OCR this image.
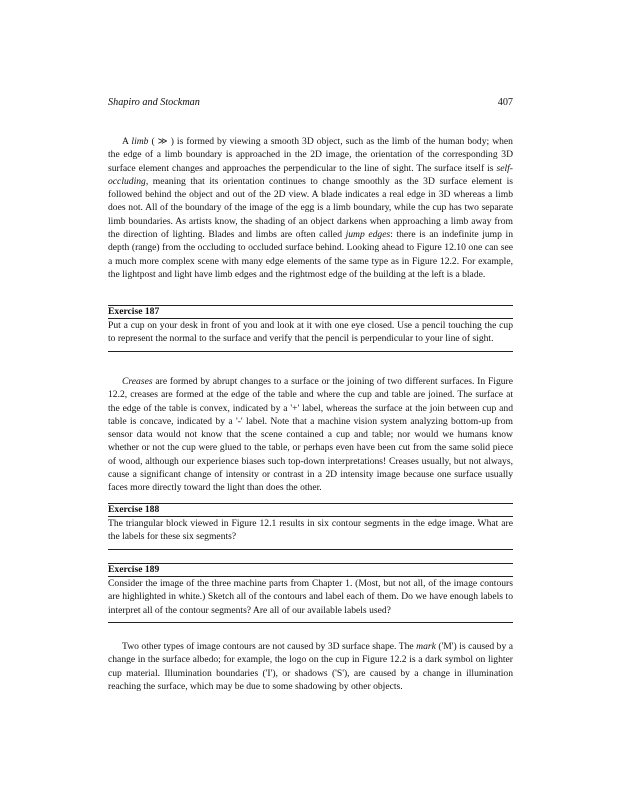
Shapiro and Stockman	407

A limb ( ≫ ) is formed by viewing a smooth 3D object, such as the limb of the human body; when the edge of a limb boundary is approached in the 2D image, the orientation of the corresponding 3D surface element changes and approaches the perpendicular to the line of sight. The surface itself is self-occluding, meaning that its orientation continues to change smoothly as the 3D surface element is followed behind the object and out of the 2D view. A blade indicates a real edge in 3D whereas a limb does not. All of the boundary of the image of the egg is a limb boundary, while the cup has two separate limb boundaries. As artists know, the shading of an object darkens when approaching a limb away from the direction of lighting. Blades and limbs are often called jump edges: there is an indefinite jump in depth (range) from the occluding to occluded surface behind. Looking ahead to Figure 12.10 one can see a much more complex scene with many edge elements of the same type as in Figure 12.2. For example, the lightpost and light have limb edges and the rightmost edge of the building at the left is a blade.

Exercise 187
Put a cup on your desk in front of you and look at it with one eye closed. Use a pencil touching the cup to represent the normal to the surface and verify that the pencil is perpendicular to your line of sight.

Creases are formed by abrupt changes to a surface or the joining of two different surfaces. In Figure 12.2, creases are formed at the edge of the table and where the cup and table are joined. The surface at the edge of the table is convex, indicated by a '+' label, whereas the surface at the join between cup and table is concave, indicated by a '-' label. Note that a machine vision system analyzing bottom-up from sensor data would not know that the scene contained a cup and table; nor would we humans know whether or not the cup were glued to the table, or perhaps even have been cut from the same solid piece of wood, although our experience biases such top-down interpretations! Creases usually, but not always, cause a significant change of intensity or contrast in a 2D intensity image because one surface usually faces more directly toward the light than does the other.

Exercise 188
The triangular block viewed in Figure 12.1 results in six contour segments in the edge image. What are the labels for these six segments?
Exercise 189
Consider the image of the three machine parts from Chapter 1. (Most, but not all, of the image contours are highlighted in white.) Sketch all of the contours and label each of them. Do we have enough labels to interpret all of the contour segments? Are all of our available labels used?

Two other types of image contours are not caused by 3D surface shape. The mark ('M') is caused by a change in the surface albedo; for example, the logo on the cup in Figure 12.2 is a dark symbol on lighter cup material. Illumination boundaries ('I'), or shadows ('S'), are caused by a change in illumination reaching the surface, which may be due to some shadowing by other objects.
